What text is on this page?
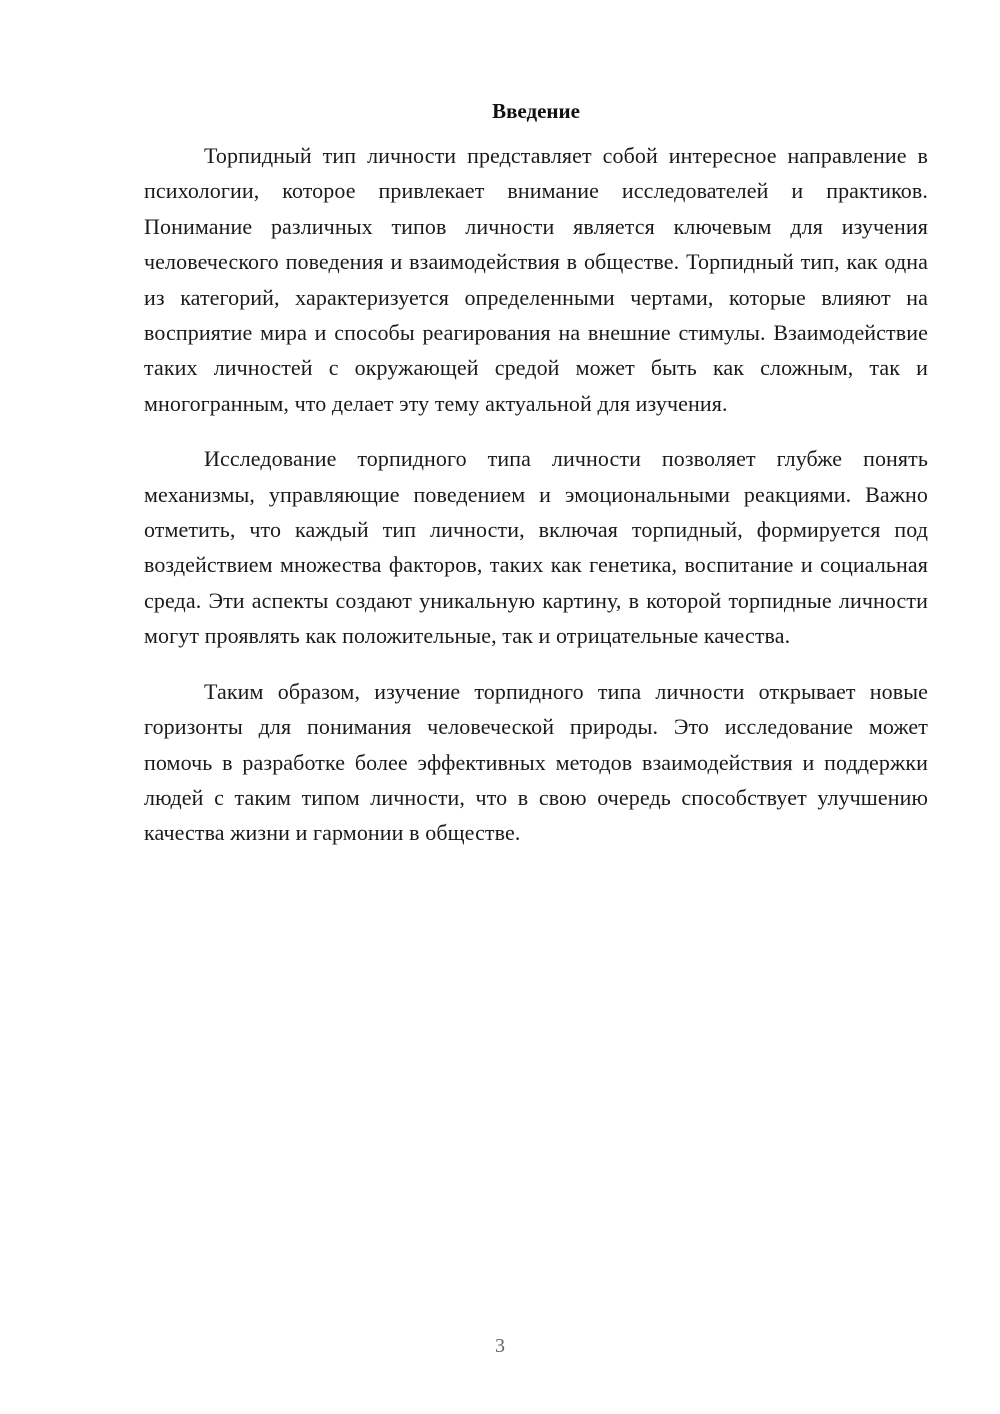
Введение

Торпидный тип личности представляет собой интересное направление в психологии, которое привлекает внимание исследователей и практиков. Понимание различных типов личности является ключевым для изучения человеческого поведения и взаимодействия в обществе. Торпидный тип, как одна из категорий, характеризуется определенными чертами, которые влияют на восприятие мира и способы реагирования на внешние стимулы. Взаимодействие таких личностей с окружающей средой может быть как сложным, так и многогранным, что делает эту тему актуальной для изучения.

Исследование торпидного типа личности позволяет глубже понять механизмы, управляющие поведением и эмоциональными реакциями. Важно отметить, что каждый тип личности, включая торпидный, формируется под воздействием множества факторов, таких как генетика, воспитание и социальная среда. Эти аспекты создают уникальную картину, в которой торпидные личности могут проявлять как положительные, так и отрицательные качества.

Таким образом, изучение торпидного типа личности открывает новые горизонты для понимания человеческой природы. Это исследование может помочь в разработке более эффективных методов взаимодействия и поддержки людей с таким типом личности, что в свою очередь способствует улучшению качества жизни и гармонии в обществе.

3
